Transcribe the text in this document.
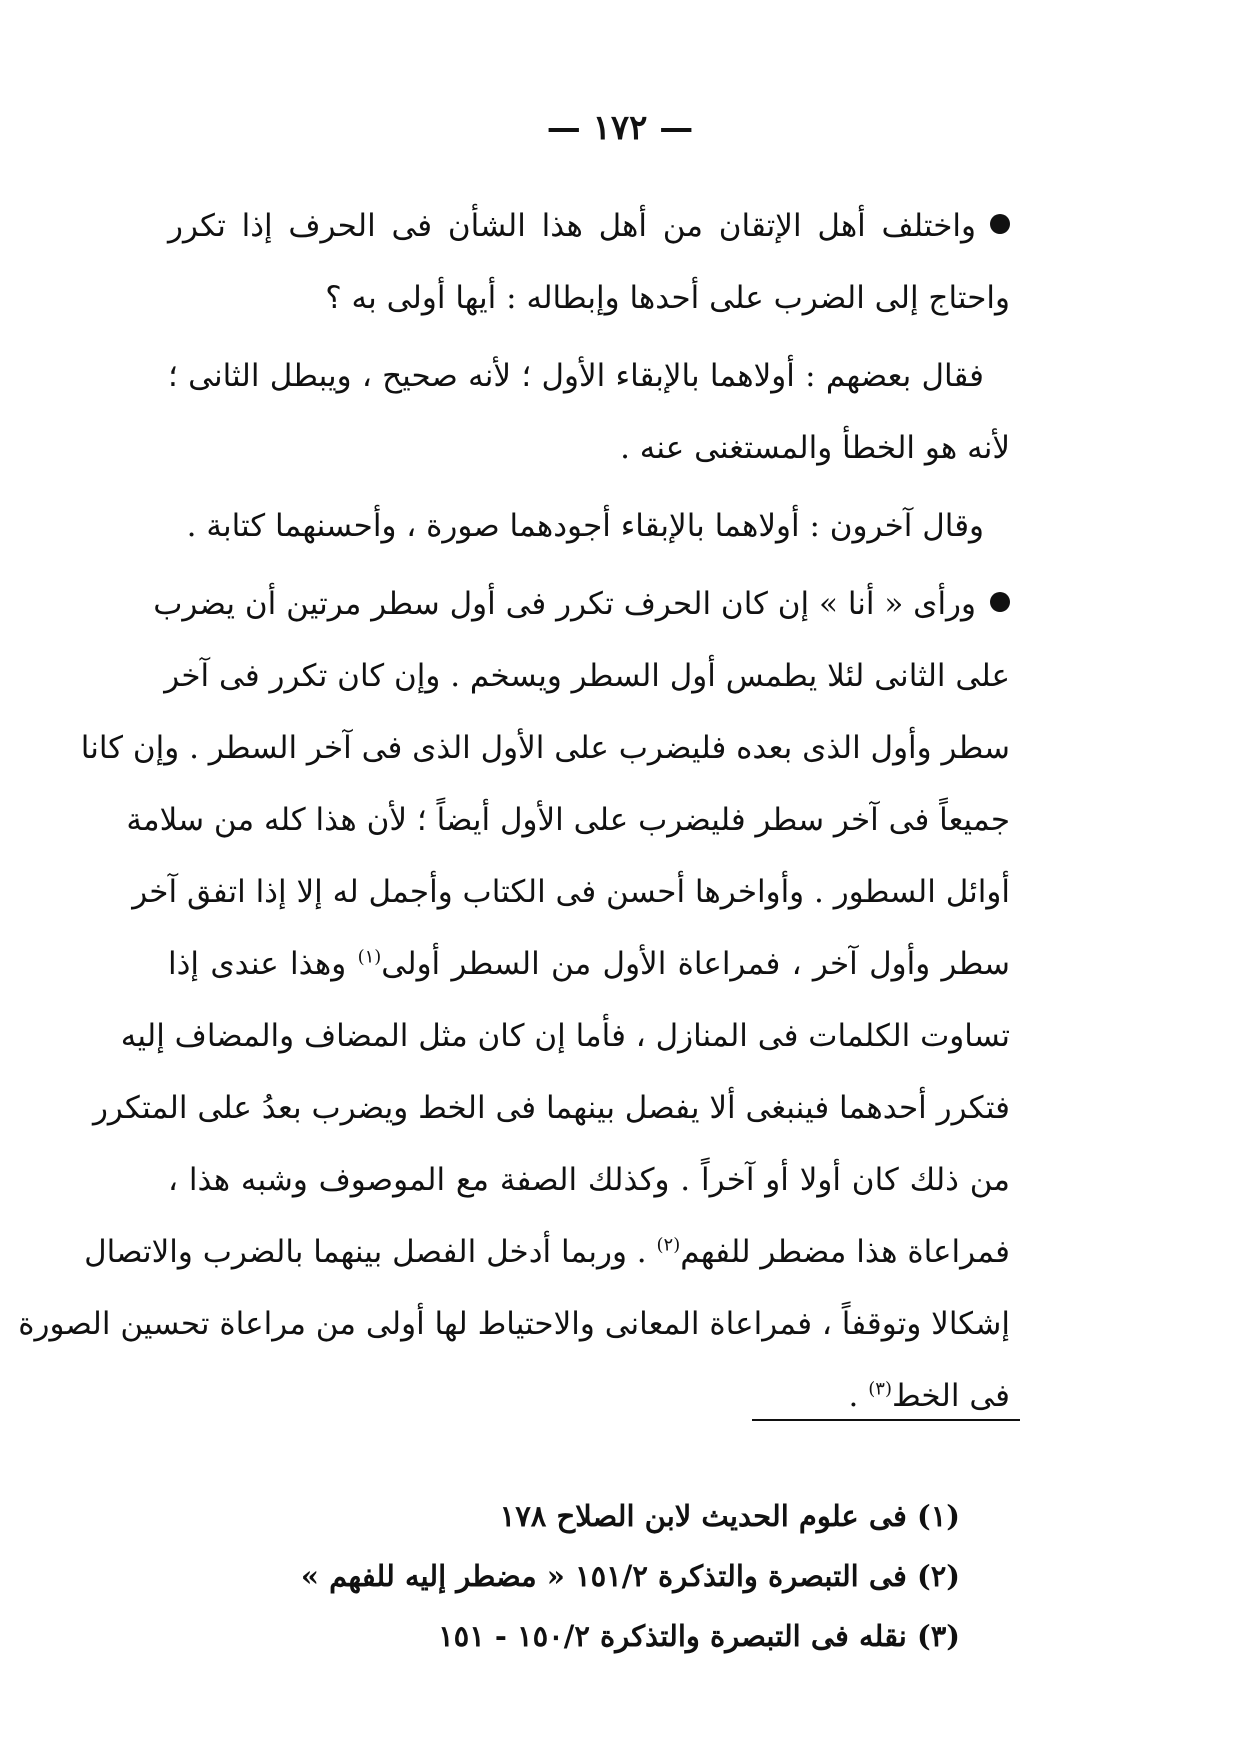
— ١٧٢ —

واختلف أهل الإتقان من أهل هذا الشأن فى الحرف إذا تكرر
واحتاج إلى الضرب على أحدها وإبطاله : أيها أولى به ؟

فقال بعضهم : أولاهما بالإبقاء الأول ؛ لأنه صحيح ، ويبطل الثانى ؛
لأنه هو الخطأ والمستغنى عنه .

وقال آخرون : أولاهما بالإبقاء أجودهما صورة ، وأحسنهما كتابة .

ورأى « أنا » إن كان الحرف تكرر فى أول سطر مرتين أن يضرب
على الثانى لئلا يطمس أول السطر ويسخم . وإن كان تكرر فى آخر
سطر وأول الذى بعده فليضرب على الأول الذى فى آخر السطر . وإن كانا
جميعاً فى آخر سطر فليضرب على الأول أيضاً ؛ لأن هذا كله من سلامة
أوائل السطور . وأواخرها أحسن فى الكتاب وأجمل له إلا إذا اتفق آخر
سطر وأول آخر ، فمراعاة الأول من السطر أولى$^{(١)}$ وهذا عندى إذا
تساوت الكلمات فى المنازل ، فأما إن كان مثل المضاف والمضاف إليه
فتكرر أحدهما فينبغى ألا يفصل بينهما فى الخط ويضرب بعدُ على المتكرر
من ذلك كان أولا أو آخراً . وكذلك الصفة مع الموصوف وشبه هذا ،
فمراعاة هذا مضطر للفهم$^{(٢)}$ . وربما أدخل الفصل بينهما بالضرب والاتصال
إشكالا وتوقفاً ، فمراعاة المعانى والاحتياط لها أولى من مراعاة تحسين الصورة
فى الخط$^{(٣)}$ .

(١) فى علوم الحديث لابن الصلاح ١٧٨
(٢) فى التبصرة والتذكرة ١٥١/٢ « مضطر إليه للفهم »
(٣) نقله فى التبصرة والتذكرة ١٥٠/٢ - ١٥١
